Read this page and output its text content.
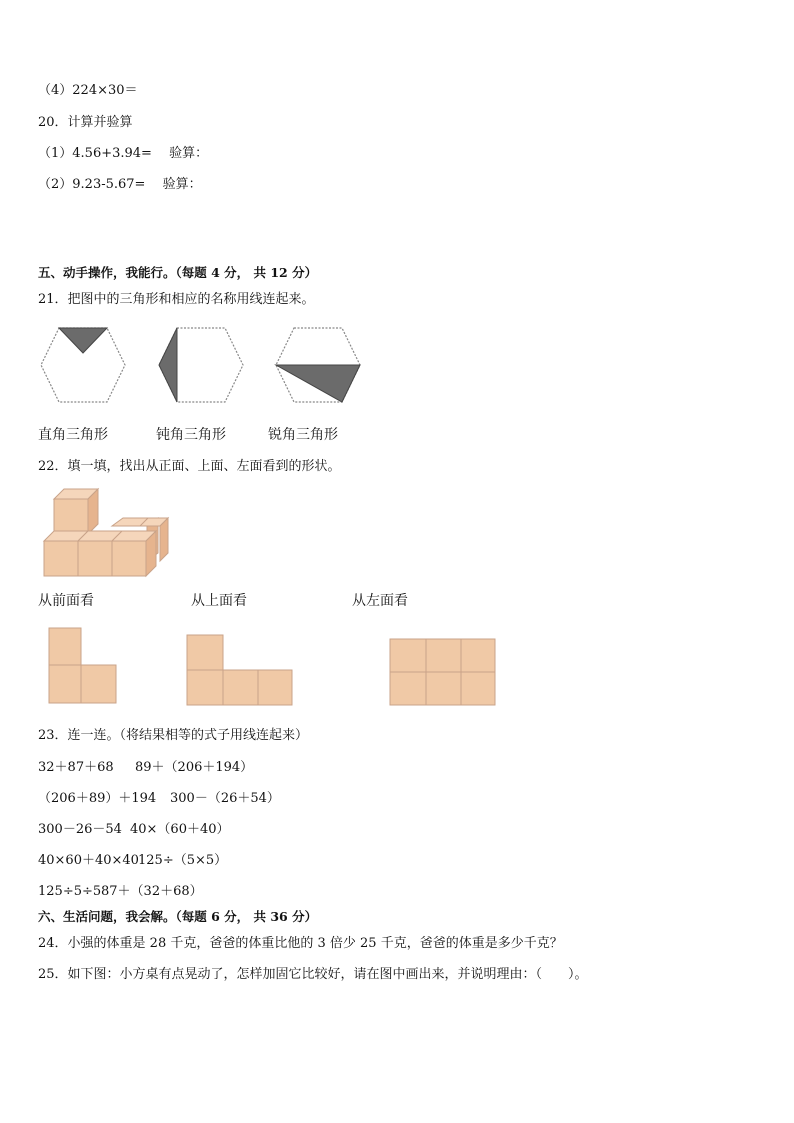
（4）224×30＝
20．计算并验算
（1）4.56+3.94=　 验算：
（2）9.23-5.67=　 验算：
五、动手操作，我能行。（每题 4 分， 共 12 分）
21．把图中的三角形和相应的名称用线连起来。
直角三角形	钝角三角形	锐角三角形
22．填一填，找出从正面、上面、左面看到的形状。
从前面看	从上面看	从左面看
23．连一连。（将结果相等的式子用线连起来）
32＋87＋68 89＋（206＋194）
（206＋89）＋194 300－（26＋54）
300－26－54 40×（60＋40）
40×60＋40×40 125÷（5×5）
125÷5÷5 87＋（32＋68）
六、生活问题，我会解。（每题 6 分， 共 36 分）
24．小强的体重是 28 千克，爸爸的体重比他的 3 倍少 25 千克，爸爸的体重是多少千克？
25．如下图：小方桌有点晃动了，怎样加固它比较好，请在图中画出来，并说明理由：（　　）。
